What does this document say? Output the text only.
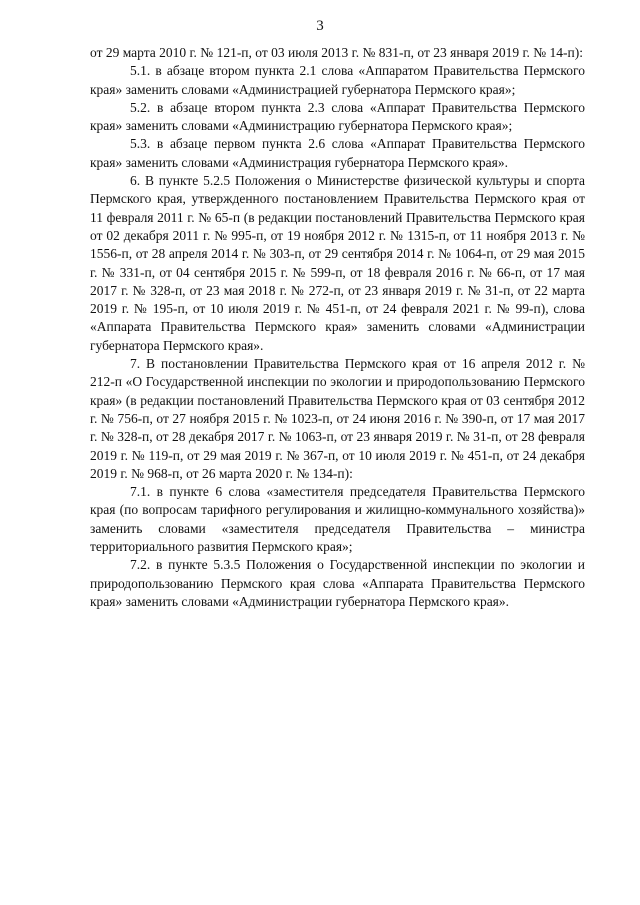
3

от 29 марта 2010 г. № 121-п, от 03 июля 2013 г. № 831-п, от 23 января 2019 г. № 14-п):

5.1. в абзаце втором пункта 2.1 слова «Аппаратом Правительства Пермского края» заменить словами «Администрацией губернатора Пермского края»;

5.2. в абзаце втором пункта 2.3 слова «Аппарат Правительства Пермского края» заменить словами «Администрацию губернатора Пермского края»;

5.3. в абзаце первом пункта 2.6 слова «Аппарат Правительства Пермского края» заменить словами «Администрация губернатора Пермского края».

6. В пункте 5.2.5 Положения о Министерстве физической культуры и спорта Пермского края, утвержденного постановлением Правительства Пермского края от 11 февраля 2011 г. № 65-п (в редакции постановлений Правительства Пермского края от 02 декабря 2011 г. № 995-п, от 19 ноября 2012 г. № 1315-п, от 11 ноября 2013 г. № 1556-п, от 28 апреля 2014 г. № 303-п, от 29 сентября 2014 г. № 1064-п, от 29 мая 2015 г. № 331-п, от 04 сентября 2015 г. № 599-п, от 18 февраля 2016 г. № 66-п, от 17 мая 2017 г. № 328-п, от 23 мая 2018 г. № 272-п, от 23 января 2019 г. № 31-п, от 22 марта 2019 г. № 195-п, от 10 июля 2019 г. № 451-п, от 24 февраля 2021 г. № 99-п), слова «Аппарата Правительства Пермского края» заменить словами «Администрации губернатора Пермского края».

7. В постановлении Правительства Пермского края от 16 апреля 2012 г. № 212-п «О Государственной инспекции по экологии и природопользованию Пермского края» (в редакции постановлений Правительства Пермского края от 03 сентября 2012 г. № 756-п, от 27 ноября 2015 г. № 1023-п, от 24 июня 2016 г. № 390-п, от 17 мая 2017 г. № 328-п, от 28 декабря 2017 г. № 1063-п, от 23 января 2019 г. № 31-п, от 28 февраля 2019 г. № 119-п, от 29 мая 2019 г. № 367-п, от 10 июля 2019 г. № 451-п, от 24 декабря 2019 г. № 968-п, от 26 марта 2020 г. № 134-п):

7.1. в пункте 6 слова «заместителя председателя Правительства Пермского края (по вопросам тарифного регулирования и жилищно-коммунального хозяйства)» заменить словами «заместителя председателя Правительства – министра территориального развития Пермского края»;

7.2. в пункте 5.3.5 Положения о Государственной инспекции по экологии и природопользованию Пермского края слова «Аппарата Правительства Пермского края» заменить словами «Администрации губернатора Пермского края».
